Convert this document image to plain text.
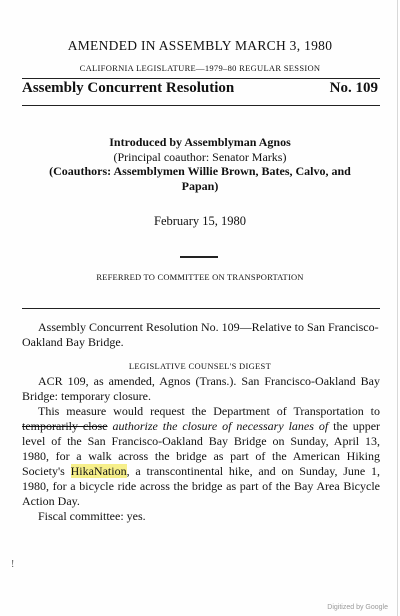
AMENDED IN ASSEMBLY MARCH 3, 1980
CALIFORNIA LEGISLATURE—1979–80 REGULAR SESSION
Assembly Concurrent Resolution	No. 109
Introduced by Assemblyman Agnos
(Principal coauthor: Senator Marks)
(Coauthors: Assemblymen Willie Brown, Bates, Calvo, and Papan)
February 15, 1980
REFERRED TO COMMITTEE ON TRANSPORTATION
Assembly Concurrent Resolution No. 109—Relative to San Francisco-Oakland Bay Bridge.
LEGISLATIVE COUNSEL'S DIGEST

ACR 109, as amended, Agnos (Trans.). San Francisco-Oakland Bay Bridge: temporary closure.

This measure would request the Department of Transportation to temporarily close authorize the closure of necessary lanes of the upper level of the San Francisco-Oakland Bay Bridge on Sunday, April 13, 1980, for a walk across the bridge as part of the American Hiking Society's HikaNation, a transcontinental hike, and on Sunday, June 1, 1980, for a bicycle ride across the bridge as part of the Bay Area Bicycle Action Day.

Fiscal committee: yes.

!
Digitized by Google
